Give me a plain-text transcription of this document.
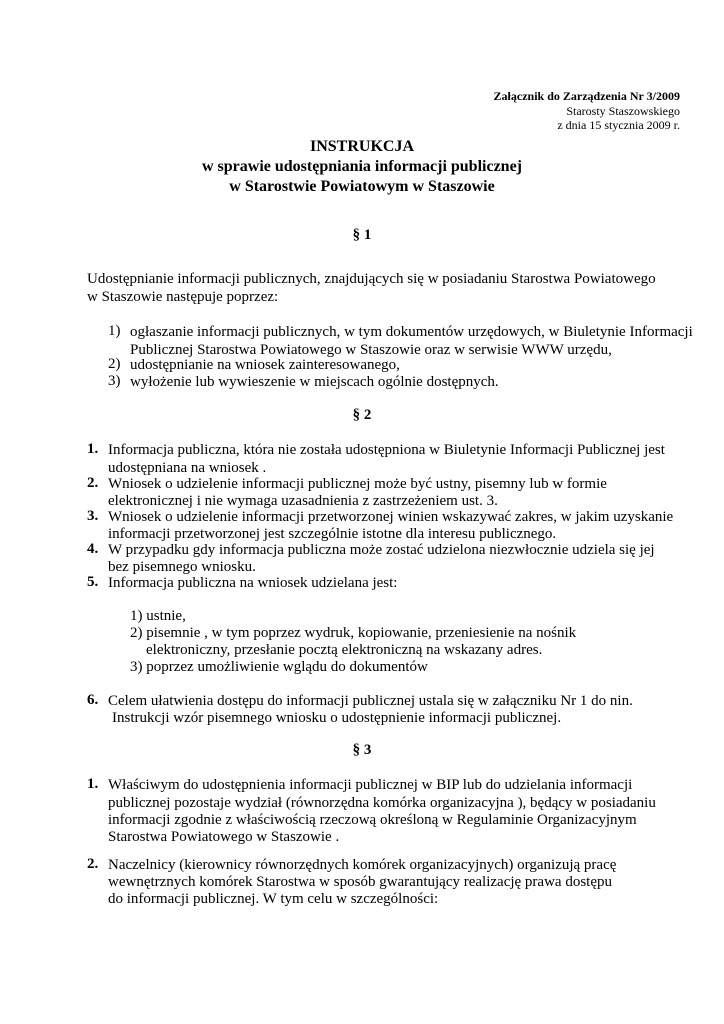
Załącznik do Zarządzenia Nr 3/2009
Starosty Staszowskiego
z dnia 15 stycznia 2009 r.
INSTRUKCJA
w sprawie udostępniania informacji publicznej
w Starostwie Powiatowym w Staszowie
§ 1
Udostępnianie informacji publicznych, znajdujących się w posiadaniu Starostwa Powiatowego
w Staszowie następuje poprzez:
1) ogłaszanie informacji publicznych, w tym dokumentów urzędowych, w Biuletynie Informacji
Publicznej Starostwa Powiatowego w Staszowie oraz w serwisie WWW urzędu,
2) udostępnianie na wniosek zainteresowanego,
3) wyłożenie lub wywieszenie w miejscach ogólnie dostępnych.
§ 2
1. Informacja publiczna, która nie została udostępniona w Biuletynie Informacji Publicznej jest
udostępniana na wniosek .
2. Wniosek o udzielenie informacji publicznej może być ustny, pisemny lub w formie
elektronicznej i nie wymaga uzasadnienia z zastrzeżeniem ust. 3.
3. Wniosek o udzielenie informacji przetworzonej winien wskazywać zakres, w jakim uzyskanie
informacji przetworzonej jest szczególnie istotne dla interesu publicznego.
4. W przypadku gdy informacja publiczna może zostać udzielona niezwłocznie udziela się jej
bez pisemnego wniosku.
5. Informacja publiczna na wniosek udzielana jest:
1) ustnie,
2) pisemnie , w tym poprzez wydruk, kopiowanie, przeniesienie na nośnik
elektroniczny, przesłanie pocztą elektroniczną na wskazany adres.
3) poprzez umożliwienie wglądu do dokumentów
6. Celem ułatwienia dostępu do informacji publicznej ustala się w załączniku Nr 1 do nin.
Instrukcji wzór pisemnego wniosku o udostępnienie informacji publicznej.
§ 3
1. Właściwym do udostępnienia informacji publicznej w BIP lub do udzielania informacji
publicznej pozostaje wydział (równorzędna komórka organizacyjna ), będący w posiadaniu
informacji zgodnie z właściwością rzeczową określoną w Regulaminie Organizacyjnym
Starostwa Powiatowego w Staszowie .
2. Naczelnicy (kierownicy równorzędnych komórek organizacyjnych) organizują pracę
wewnętrznych komórek Starostwa w sposób gwarantujący realizację prawa dostępu
do informacji publicznej. W tym celu w szczególności:
